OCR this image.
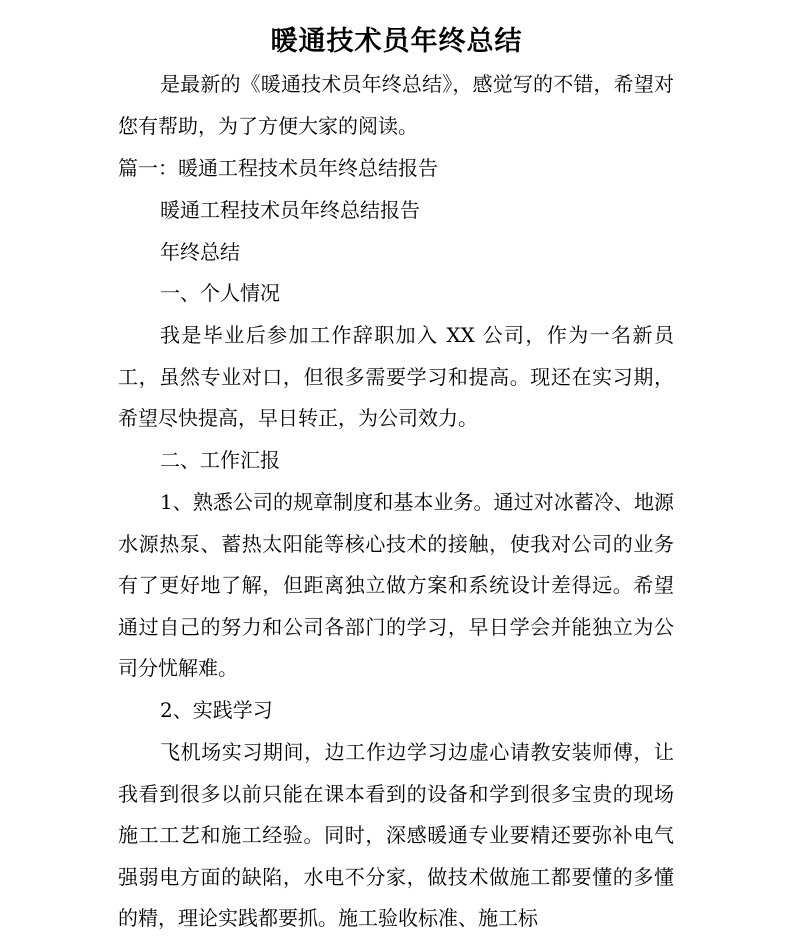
暖通技术员年终总结
是最新的《暖通技术员年终总结》，感觉写的不错，希望对您有帮助，为了方便大家的阅读。
篇一：暖通工程技术员年终总结报告
暖通工程技术员年终总结报告
年终总结
一、个人情况
我是毕业后参加工作辞职加入 XX 公司，作为一名新员工，虽然专业对口，但很多需要学习和提高。现还在实习期，希望尽快提高，早日转正，为公司效力。
二、工作汇报
1、熟悉公司的规章制度和基本业务。通过对冰蓄冷、地源水源热泵、蓄热太阳能等核心技术的接触，使我对公司的业务有了更好地了解，但距离独立做方案和系统设计差得远。希望通过自己的努力和公司各部门的学习，早日学会并能独立为公司分忧解难。
2、实践学习
飞机场实习期间，边工作边学习边虚心请教安装师傅，让我看到很多以前只能在课本看到的设备和学到很多宝贵的现场施工工艺和施工经验。同时，深感暖通专业要精还要弥补电气强弱电方面的缺陷，水电不分家，做技术做施工都要懂的多懂的精，理论实践都要抓。施工验收标准、施工标
